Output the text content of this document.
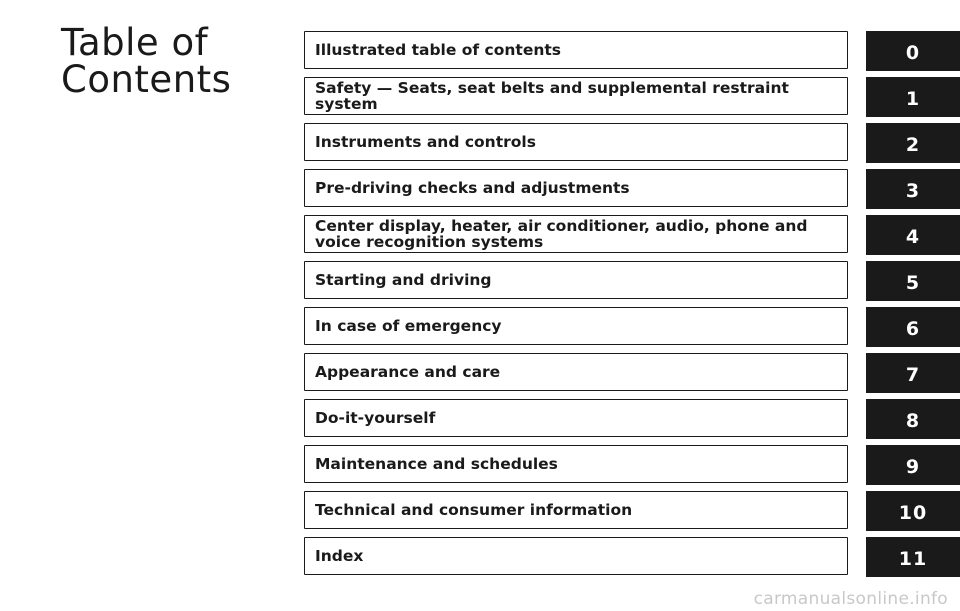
Table of
Contents
Illustrated table of contents	0
Safety — Seats, seat belts and supplemental restraint system	1
Instruments and controls	2
Pre-driving checks and adjustments	3
Center display, heater, air conditioner, audio, phone and voice recognition systems	4
Starting and driving	5
In case of emergency	6
Appearance and care	7
Do-it-yourself	8
Maintenance and schedules	9
Technical and consumer information	10
Index	11
carmanualsonline.info
